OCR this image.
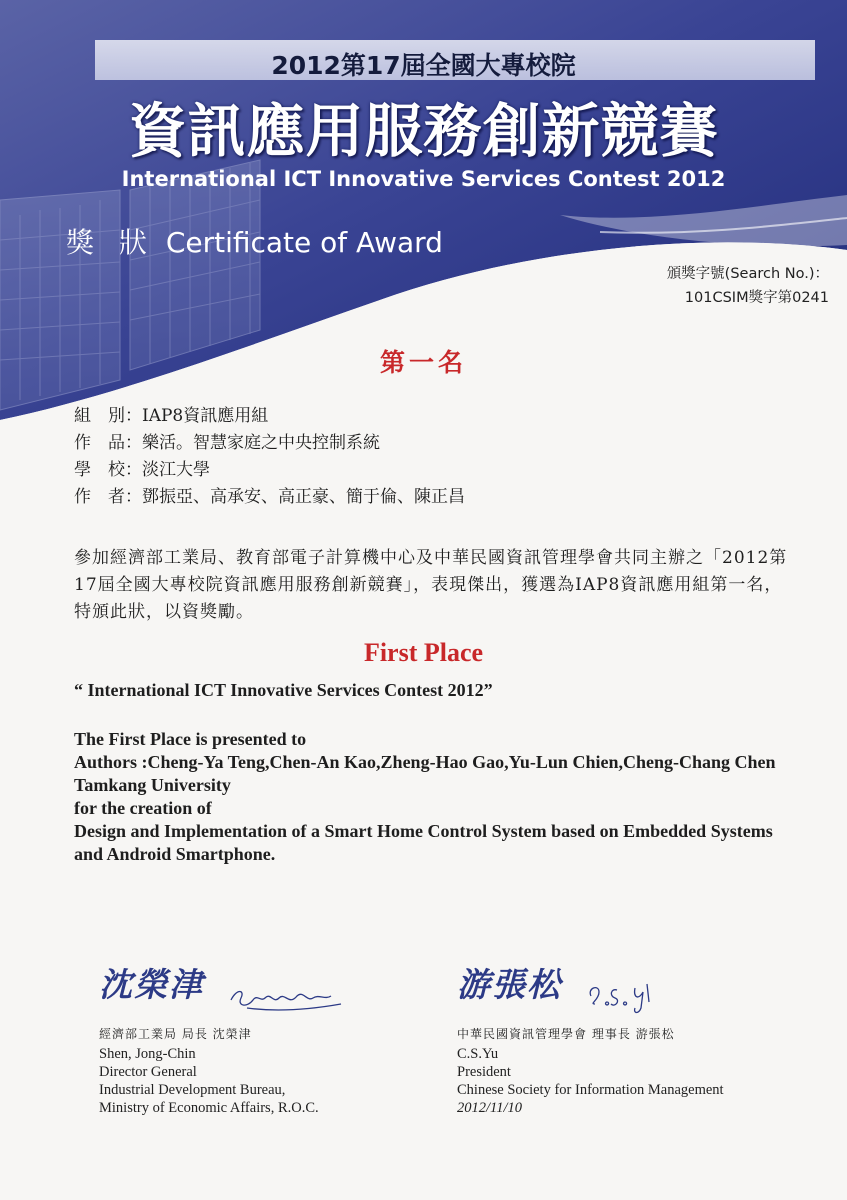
2012第17屆全國大專校院
資訊應用服務創新競賽
International ICT Innovative Services Contest 2012
獎 狀 Certificate of Award
頒獎字號(Search No.)：
101CSIM獎字第0241
第一名
組　別：IAP8資訊應用組
作　品：樂活。智慧家庭之中央控制系統
學　校：淡江大學
作　者：鄧振亞、高承安、高正豪、簡于倫、陳正昌
參加經濟部工業局、教育部電子計算機中心及中華民國資訊管理學會共同主辦之「2012第17屆全國大專校院資訊應用服務創新競賽」，表現傑出，獲選為IAP8資訊應用組第一名，特頒此狀，以資獎勵。
First Place
“ International ICT Innovative Services Contest 2012”
The First Place is presented to
Authors :Cheng-Ya Teng,Chen-An Kao,Zheng-Hao Gao,Yu-Lun Chien,Cheng-Chang Chen
Tamkang University
for the creation of
Design and Implementation of a Smart Home Control System based on Embedded Systems and Android Smartphone.
沈榮津
經濟部工業局 局長 沈榮津
Shen, Jong-Chin
Director General
Industrial Development Bureau,
Ministry of Economic Affairs, R.O.C.
游張松
中華民國資訊管理學會 理事長 游張松
C.S.Yu
President
Chinese Society for Information Management
2012/11/10
